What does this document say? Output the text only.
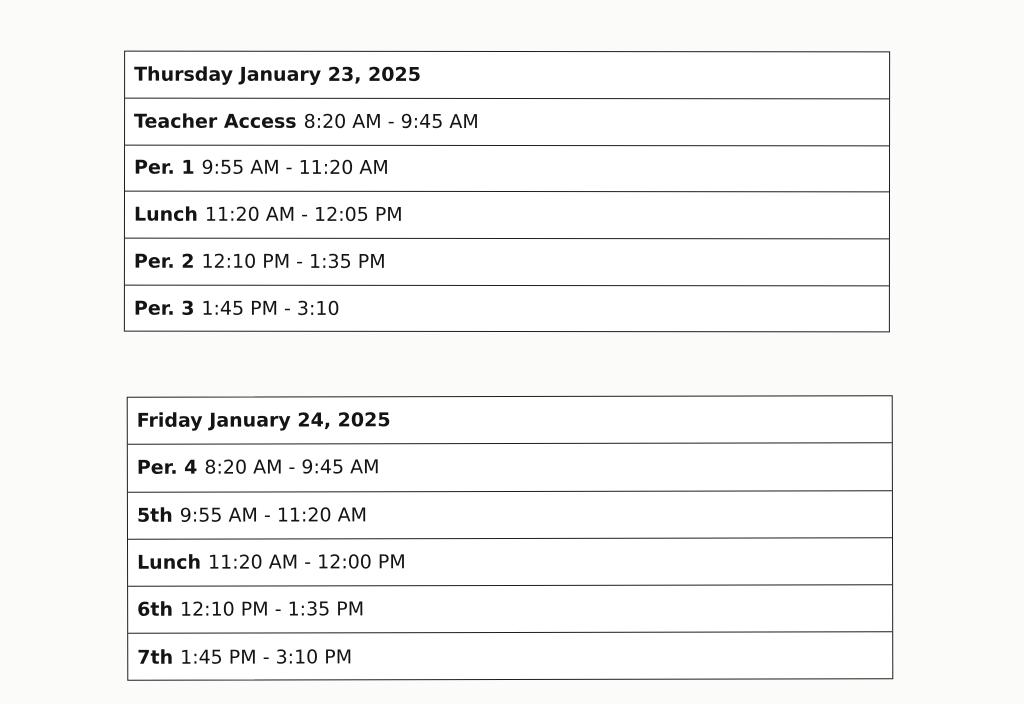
Thursday January 23, 2025
Teacher Access 8:20 AM - 9:45 AM
Per. 1 9:55 AM - 11:20 AM
Lunch 11:20 AM - 12:05 PM
Per. 2 12:10 PM - 1:35 PM
Per. 3 1:45 PM - 3:10
Friday January 24, 2025
Per. 4 8:20 AM - 9:45 AM
5th 9:55 AM - 11:20 AM
Lunch 11:20 AM - 12:00 PM
6th 12:10 PM - 1:35 PM
7th 1:45 PM - 3:10 PM
